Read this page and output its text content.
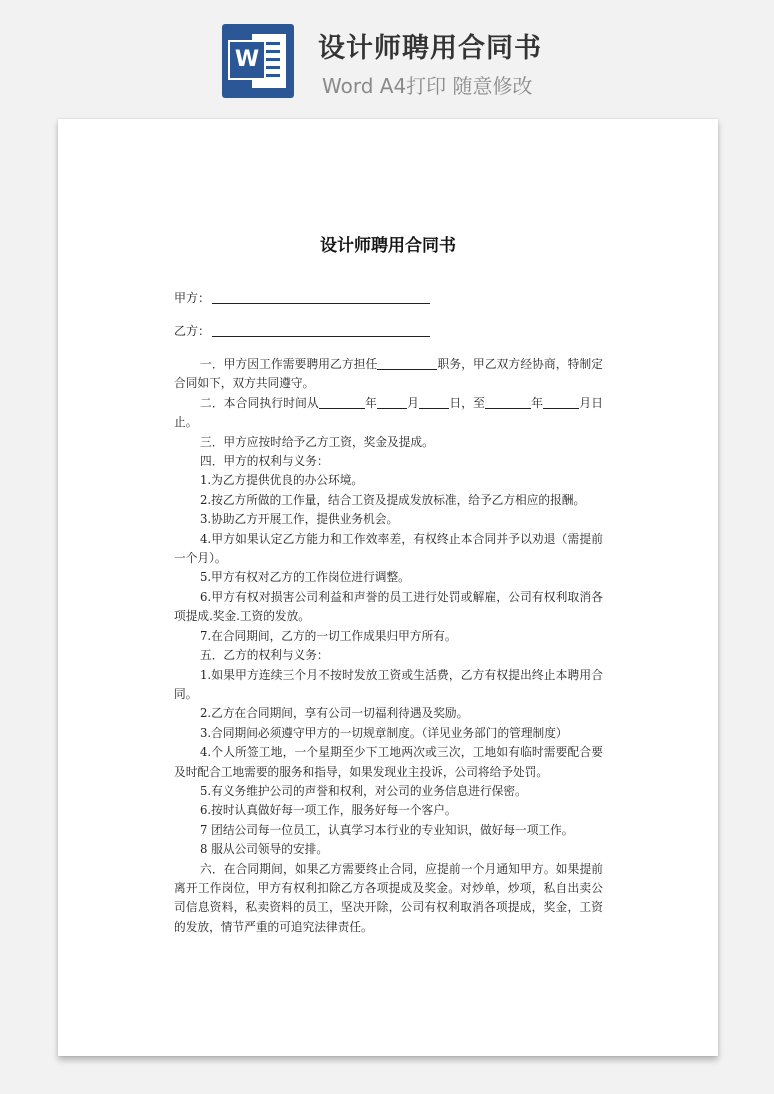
W 设计师聘用合同书
Word A4打印 随意修改
设计师聘用合同书
甲方：
乙方：

一．甲方因工作需要聘用乙方担任	职务，甲乙双方经协商，特制定合同如下，双方共同遵守。

二．本合同执行时间从	年	月	日，至	年	月日止。

三．甲方应按时给予乙方工资，奖金及提成。

四．甲方的权利与义务：

1.为乙方提供优良的办公环境。

2.按乙方所做的工作量，结合工资及提成发放标准，给予乙方相应的报酬。

3.协助乙方开展工作，提供业务机会。

4.甲方如果认定乙方能力和工作效率差，有权终止本合同并予以劝退（需提前一个月）。

5.甲方有权对乙方的工作岗位进行调整。

6.甲方有权对损害公司利益和声誉的员工进行处罚或解雇，公司有权利取消各项提成.奖金.工资的发放。

7.在合同期间，乙方的一切工作成果归甲方所有。

五．乙方的权利与义务：

1.如果甲方连续三个月不按时发放工资或生活费，乙方有权提出终止本聘用合同。

2.乙方在合同期间，享有公司一切福利待遇及奖励。

3.合同期间必须遵守甲方的一切规章制度。（详见业务部门的管理制度）

4.个人所签工地，一个星期至少下工地两次或三次，工地如有临时需要配合要及时配合工地需要的服务和指导，如果发现业主投诉，公司将给予处罚。

5.有义务维护公司的声誉和权利，对公司的业务信息进行保密。

6.按时认真做好每一项工作，服务好每一个客户。

7 团结公司每一位员工，认真学习本行业的专业知识，做好每一项工作。

8 服从公司领导的安排。

六．在合同期间，如果乙方需要终止合同，应提前一个月通知甲方。如果提前离开工作岗位，甲方有权利扣除乙方各项提成及奖金。对炒单，炒项，私自出卖公司信息资料，私卖资料的员工，坚决开除，公司有权利取消各项提成，奖金，工资的发放，情节严重的可追究法律责任。
